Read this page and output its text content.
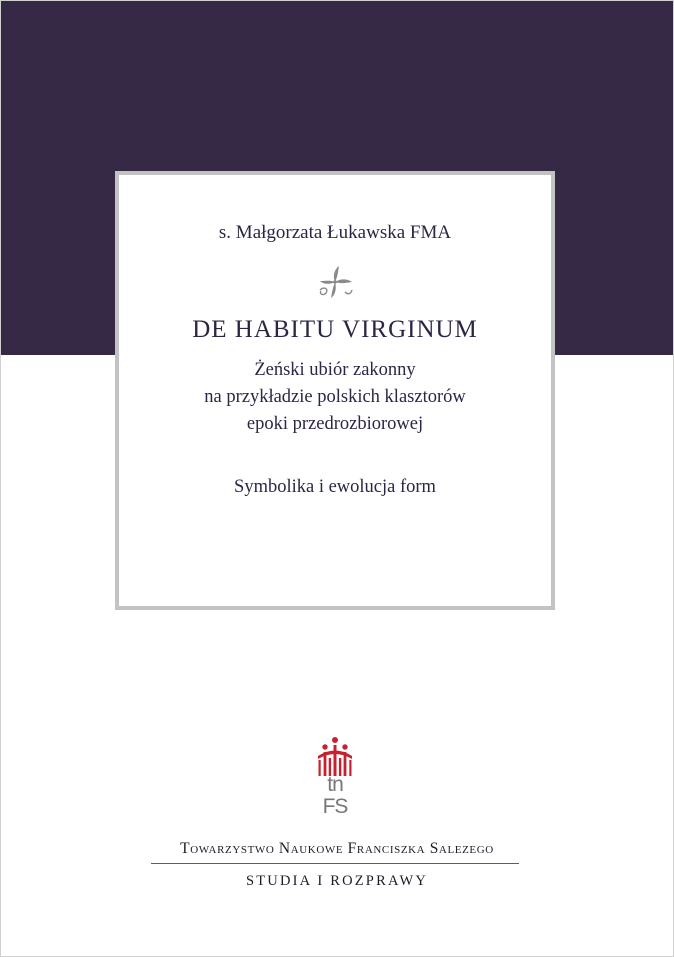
s. Małgorzata Łukawska FMA
DE HABITU VIRGINUM
Żeński ubiór zakonny
na przykładzie polskich klasztorów
epoki przedrozbiorowej
Symbolika i ewolucja form
tn
FS
Towarzystwo Naukowe Franciszka Salezego
STUDIA I ROZPRAWY
